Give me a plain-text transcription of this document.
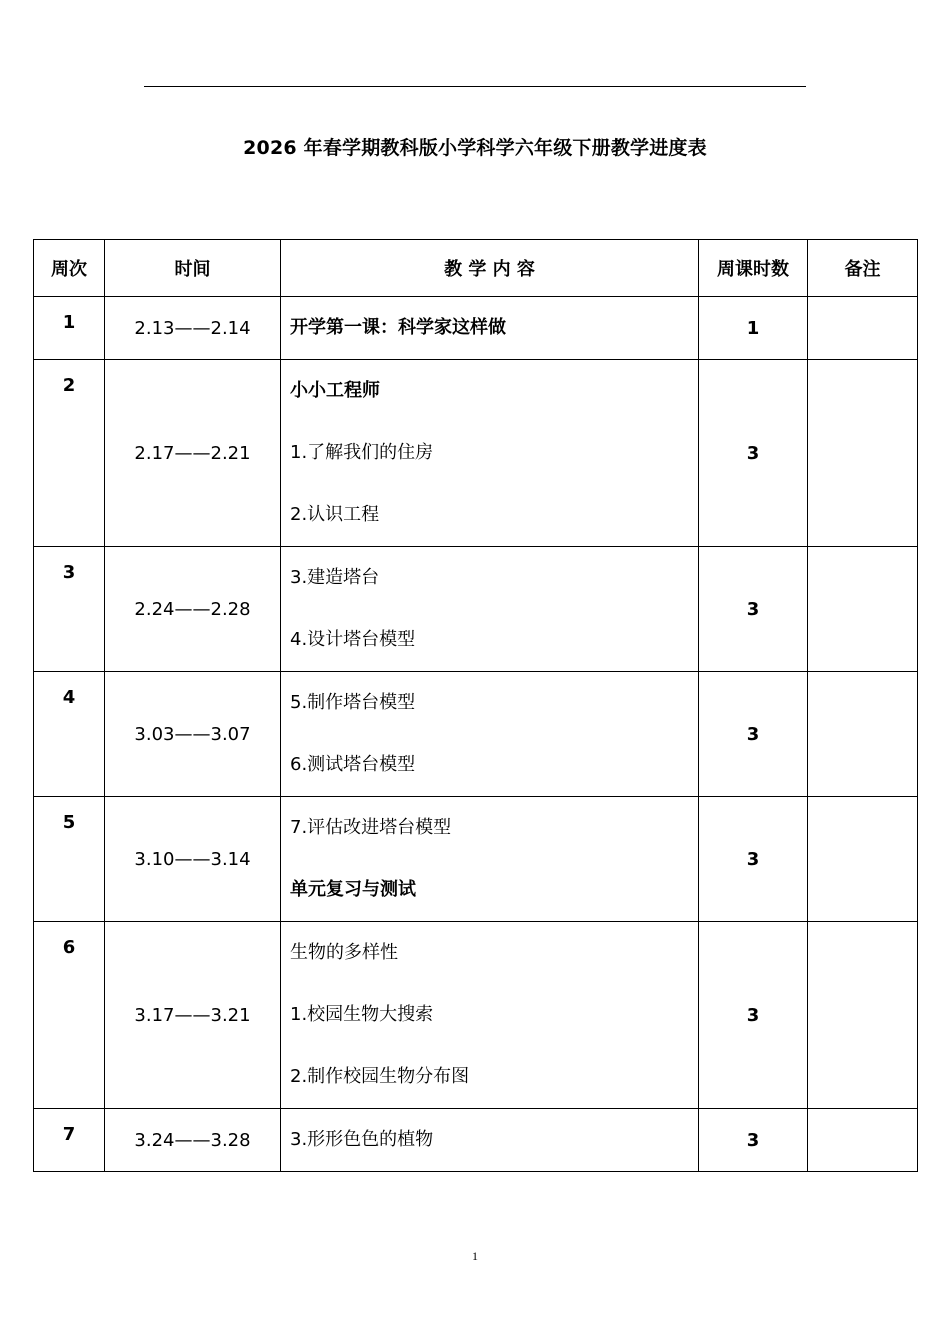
2026 年春学期教科版小学科学六年级下册教学进度表
周次	时间	教 学 内 容	周课时数	备注
1	2.13——2.14	开学第一课：科学家这样做	1	
2	2.17——2.21	小小工程师
1.了解我们的住房
2.认识工程	3	
3	2.24——2.28	3.建造塔台
4.设计塔台模型	3	
4	3.03——3.07	5.制作塔台模型
6.测试塔台模型	3	
5	3.10——3.14	7.评估改进塔台模型
单元复习与测试	3	
6	3.17——3.21	生物的多样性
1.校园生物大搜索
2.制作校园生物分布图	3	
7	3.24——3.28	3.形形色色的植物	3	
1
